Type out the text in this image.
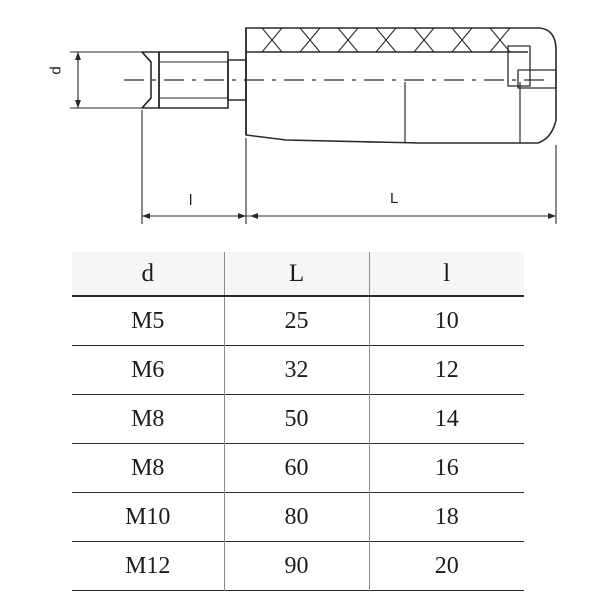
d
l	L
d	L	l
M5	25	10
M6	32	12
M8	50	14
M8	60	16
M10	80	18
M12	90	20
